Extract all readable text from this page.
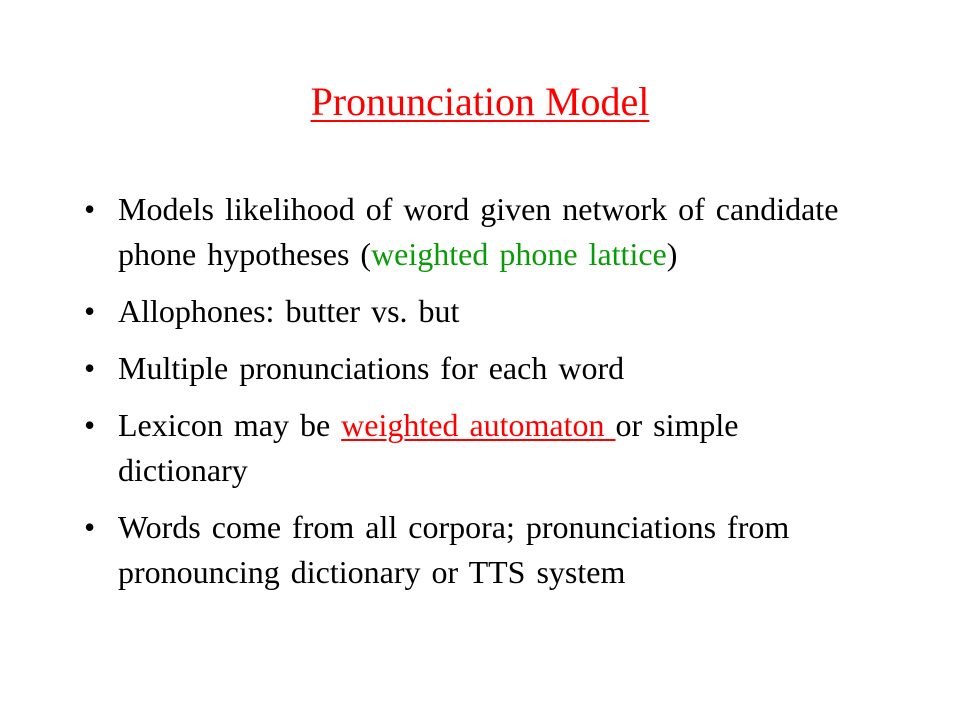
Pronunciation Model
• Models likelihood of word given network of candidate phone hypotheses (weighted phone lattice)
• Allophones: butter vs. but
• Multiple pronunciations for each word
• Lexicon may be weighted automaton or simple dictionary
• Words come from all corpora; pronunciations from pronouncing dictionary or TTS system
